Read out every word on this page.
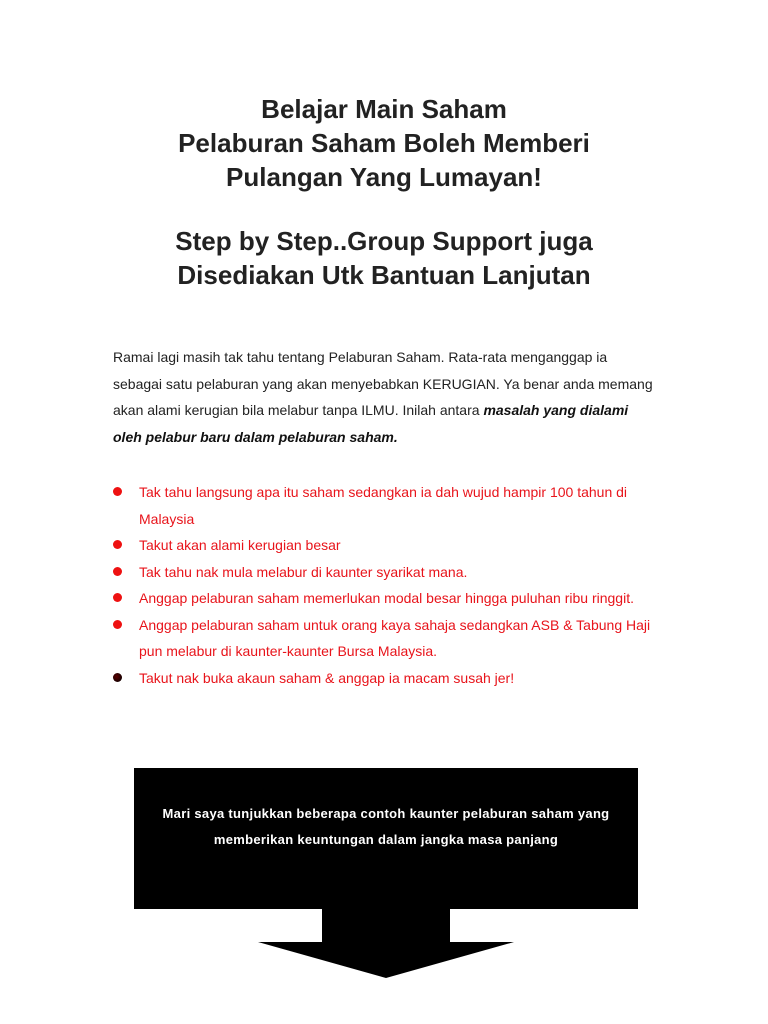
Belajar Main Saham
Pelaburan Saham Boleh Memberi
Pulangan Yang Lumayan!
Step by Step..Group Support juga
Disediakan Utk Bantuan Lanjutan
Ramai lagi masih tak tahu tentang Pelaburan Saham. Rata-rata menganggap ia sebagai satu pelaburan yang akan menyebabkan KERUGIAN. Ya benar anda memang akan alami kerugian bila melabur tanpa ILMU. Inilah antara masalah yang dialami oleh pelabur baru dalam pelaburan saham.
Tak tahu langsung apa itu saham sedangkan ia dah wujud hampir 100 tahun di Malaysia
Takut akan alami kerugian besar
Tak tahu nak mula melabur di kaunter syarikat mana.
Anggap pelaburan saham memerlukan modal besar hingga puluhan ribu ringgit.
Anggap pelaburan saham untuk orang kaya sahaja sedangkan ASB & Tabung Haji pun melabur di kaunter-kaunter Bursa Malaysia.
Takut nak buka akaun saham & anggap ia macam susah jer!
Mari saya tunjukkan beberapa contoh kaunter pelaburan saham yang
memberikan keuntungan dalam jangka masa panjang
